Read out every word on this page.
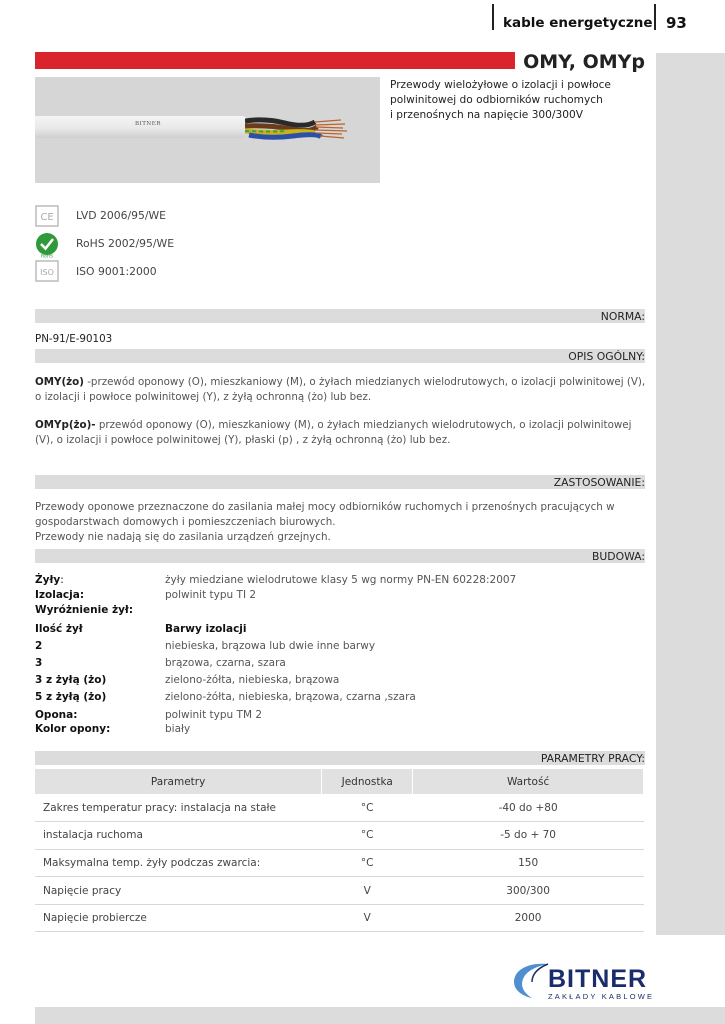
kable energetyczne 93
OMY, OMYp
BITNER
Przewody wielożyłowe o izolacji i powłoce
polwinitowej do odbiorników ruchomych
i przenośnych na napięcie 300/300V
CE LVD 2006/95/WE
RoHS
RoHS 2002/95/WE
ISO ISO 9001:2000
NORMA:
PN-91/E-90103
OPIS OGÓLNY:
OMY(żo) -przewód oponowy (O), mieszkaniowy (M), o żyłach miedzianych wielodrutowych, o izolacji polwinitowej (V), o izolacji i powłoce polwinitowej (Y), z żyłą ochronną (żo) lub bez.
OMYp(żo)- przewód oponowy (O), mieszkaniowy (M), o żyłach miedzianych wielodrutowych, o izolacji polwinitowej (V), o izolacji i powłoce polwinitowej (Y), płaski (p) , z żyłą ochronną (żo) lub bez.
ZASTOSOWANIE:
Przewody oponowe przeznaczone do zasilania małej mocy odbiorników ruchomych i przenośnych pracujących w gospodarstwach domowych i pomieszczeniach biurowych.
Przewody nie nadają się do zasilania urządzeń grzejnych.
BUDOWA:
Żyły:	żyły miedziane wielodrutowe klasy 5 wg normy PN-EN 60228:2007
Izolacja:	polwinit typu TI 2
Wyróżnienie żył:
Ilość żył	Barwy izolacji
2	niebieska, brązowa lub dwie inne barwy
3	brązowa, czarna, szara
3 z żyłą (żo)	zielono-żółta, niebieska, brązowa
5 z żyłą (żo)	zielono-żółta, niebieska, brązowa, czarna ,szara
Opona:	polwinit typu TM 2
Kolor opony:	biały
PARAMETRY PRACY:
Parametry	Jednostka	Wartość
Zakres temperatur pracy: instalacja na stałe	°C	-40 do +80
instalacja ruchoma	°C	-5 do + 70
Maksymalna temp. żyły podczas zwarcia:	°C	150
Napięcie pracy	V	300/300
Napięcie probiercze	V	2000
BITNER
ZAKŁADY KABLOWE
